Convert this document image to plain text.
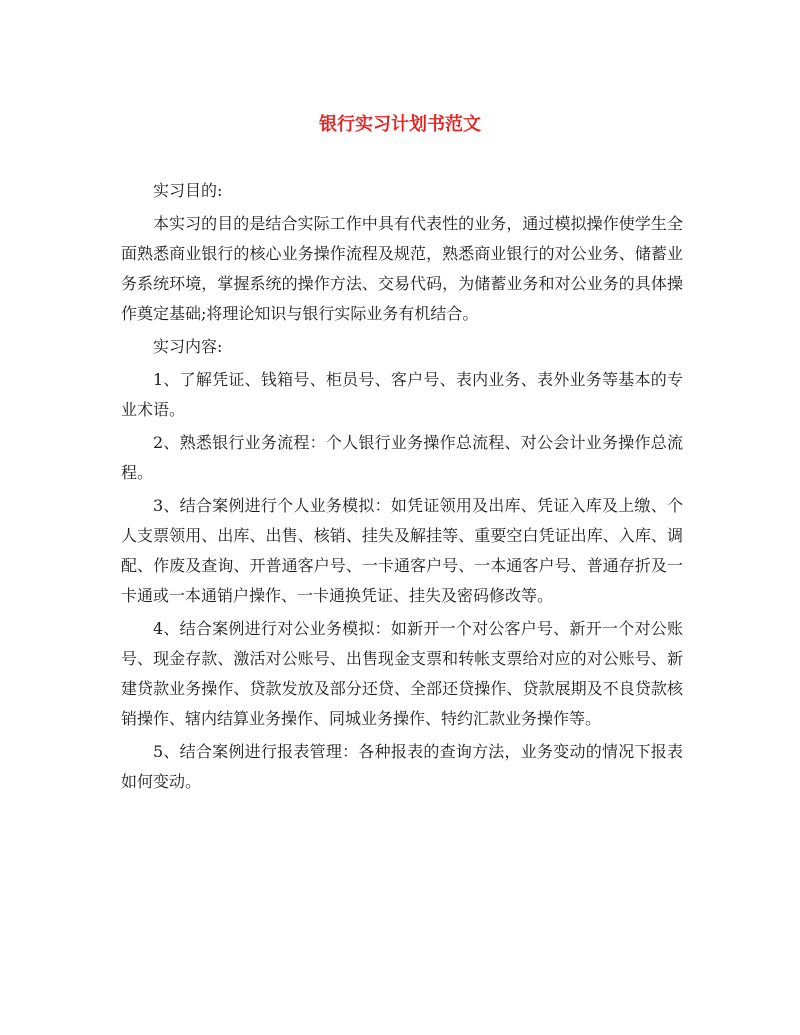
银行实习计划书范文

实习目的:

本实习的目的是结合实际工作中具有代表性的业务，通过模拟操作使学生全面熟悉商业银行的核心业务操作流程及规范，熟悉商业银行的对公业务、储蓄业务系统环境，掌握系统的操作方法、交易代码，为储蓄业务和对公业务的具体操作奠定基础;将理论知识与银行实际业务有机结合。

实习内容:

1、了解凭证、钱箱号、柜员号、客户号、表内业务、表外业务等基本的专业术语。

2、熟悉银行业务流程：个人银行业务操作总流程、对公会计业务操作总流程。

3、结合案例进行个人业务模拟：如凭证领用及出库、凭证入库及上缴、个人支票领用、出库、出售、核销、挂失及解挂等、重要空白凭证出库、入库、调配、作废及查询、开普通客户号、一卡通客户号、一本通客户号、普通存折及一卡通或一本通销户操作、一卡通换凭证、挂失及密码修改等。

4、结合案例进行对公业务模拟：如新开一个对公客户号、新开一个对公账号、现金存款、激活对公账号、出售现金支票和转帐支票给对应的对公账号、新建贷款业务操作、贷款发放及部分还贷、全部还贷操作、贷款展期及不良贷款核销操作、辖内结算业务操作、同城业务操作、特约汇款业务操作等。

5、结合案例进行报表管理：各种报表的查询方法，业务变动的情况下报表如何变动。
